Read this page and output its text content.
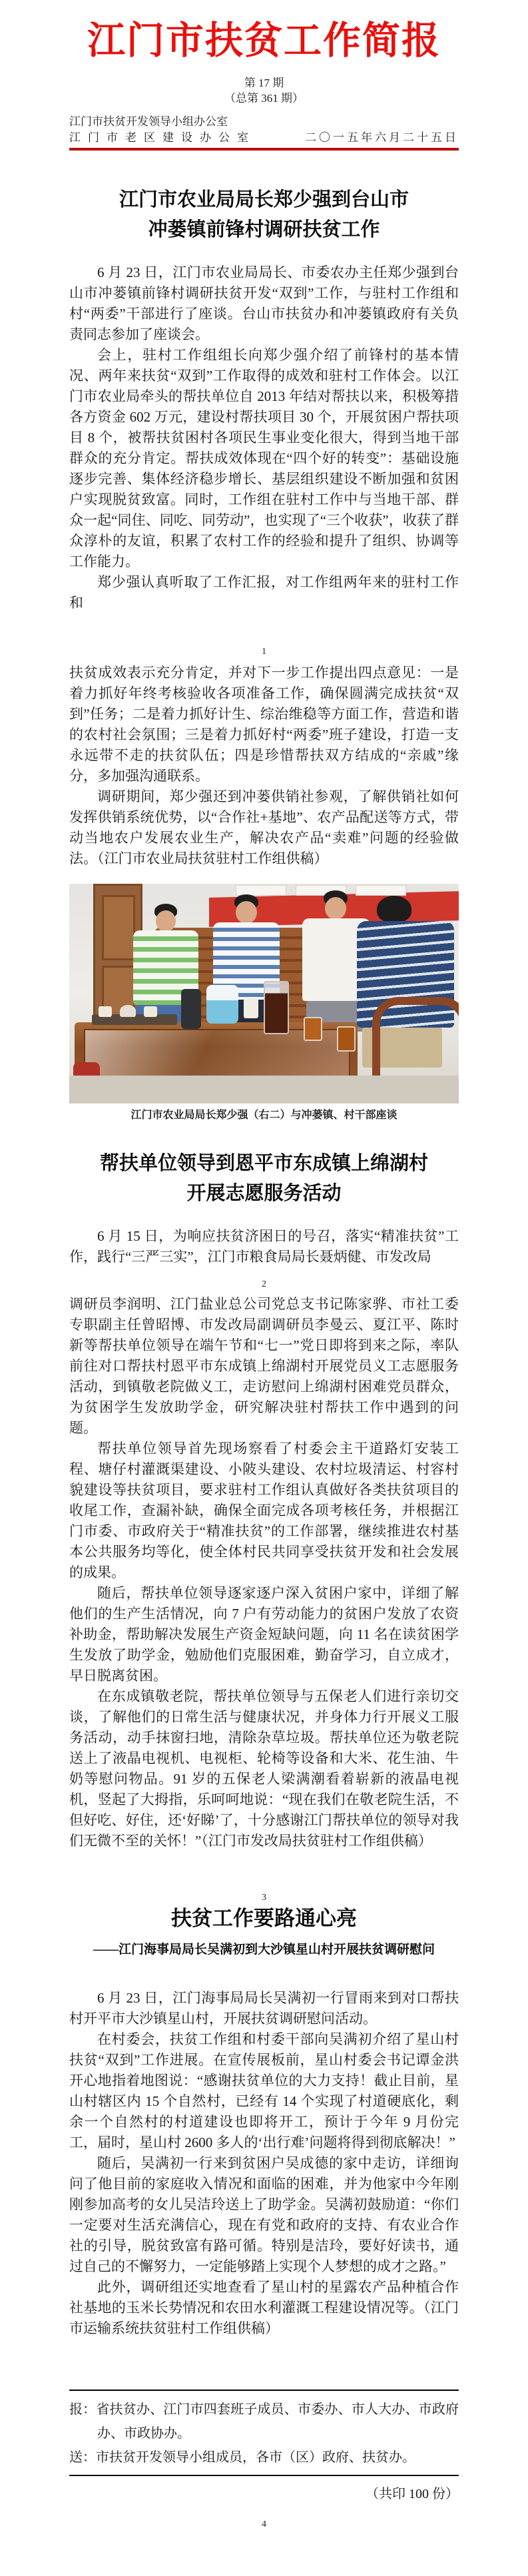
江门市扶贫工作简报
第 17 期
（总第 361 期）
江门市扶贫开发领导小组办公室
江门市老区建设办公室	二〇一五年六月二十五日
江门市农业局局长郑少强到台山市
冲蒌镇前锋村调研扶贫工作

6 月 23 日，江门市农业局局长、市委农办主任郑少强到台山市冲蒌镇前锋村调研扶贫开发“双到”工作，与驻村工作组和村“两委”干部进行了座谈。台山市扶贫办和冲蒌镇政府有关负责同志参加了座谈会。

会上，驻村工作组组长向郑少强介绍了前锋村的基本情况、两年来扶贫“双到”工作取得的成效和驻村工作体会。以江门市农业局牵头的帮扶单位自 2013 年结对帮扶以来，积极筹措各方资金 602 万元，建设村帮扶项目 30 个，开展贫困户帮扶项目 8 个，被帮扶贫困村各项民生事业变化很大，得到当地干部群众的充分肯定。帮扶成效体现在“四个好的转变”：基础设施逐步完善、集体经济稳步增长、基层组织建设不断加强和贫困户实现脱贫致富。同时，工作组在驻村工作中与当地干部、群众一起“同住、同吃、同劳动”，也实现了“三个收获”，收获了群众淳朴的友谊，积累了农村工作的经验和提升了组织、协调等工作能力。

郑少强认真听取了工作汇报，对工作组两年来的驻村工作和

1

扶贫成效表示充分肯定，并对下一步工作提出四点意见：一是着力抓好年终考核验收各项准备工作，确保圆满完成扶贫“双到”任务；二是着力抓好计生、综治维稳等方面工作，营造和谐的农村社会氛围；三是着力抓好村“两委”班子建设，打造一支永远带不走的扶贫队伍；四是珍惜帮扶双方结成的“亲戚”缘分，多加强沟通联系。

调研期间，郑少强还到冲蒌供销社参观，了解供销社如何发挥供销系统优势，以“合作社+基地”、农产品配送等方式，带动当地农户发展农业生产，解决农产品“卖难”问题的经验做法。（江门市农业局扶贫驻村工作组供稿）

江门市农业局局长郑少强（右二）与冲蒌镇、村干部座谈
帮扶单位领导到恩平市东成镇上绵湖村
开展志愿服务活动

6 月 15 日，为响应扶贫济困日的号召，落实“精准扶贫”工作，践行“三严三实”，江门市粮食局局长聂炳健、市发改局

2

调研员李润明、江门盐业总公司党总支书记陈家骅、市社工委专职副主任曾昭博、市发改局副调研员李曼云、夏江平、陈时新等帮扶单位领导在端午节和“七一”党日即将到来之际，率队前往对口帮扶村恩平市东成镇上绵湖村开展党员义工志愿服务活动，到镇敬老院做义工，走访慰问上绵湖村困难党员群众，为贫困学生发放助学金，研究解决驻村帮扶工作中遇到的问题。

帮扶单位领导首先现场察看了村委会主干道路灯安装工程、塘仔村灌溉渠建设、小陂头建设、农村垃圾清运、村容村貌建设等扶贫项目，要求驻村工作组认真做好各类扶贫项目的收尾工作，查漏补缺，确保全面完成各项考核任务，并根据江门市委、市政府关于“精准扶贫”的工作部署，继续推进农村基本公共服务均等化，使全体村民共同享受扶贫开发和社会发展的成果。

随后，帮扶单位领导逐家逐户深入贫困户家中，详细了解他们的生产生活情况，向 7 户有劳动能力的贫困户发放了农资补助金，帮助解决发展生产资金短缺问题，向 11 名在读贫困学生发放了助学金，勉励他们克服困难，勤奋学习，自立成才，早日脱离贫困。

在东成镇敬老院，帮扶单位领导与五保老人们进行亲切交谈，了解他们的日常生活与健康状况，并身体力行开展义工服务活动，动手抹窗扫地，清除杂草垃圾。帮扶单位还为敬老院送上了液晶电视机、电视柜、轮椅等设备和大米、花生油、牛奶等慰问物品。91 岁的五保老人梁满潮看着崭新的液晶电视机，竖起了大拇指，乐呵呵地说：“现在我们在敬老院生活，不但好吃、好住，还‘好睇’了，十分感谢江门帮扶单位的领导对我们无微不至的关怀！”（江门市发改局扶贫驻村工作组供稿）

3
扶贫工作要路通心亮
——江门海事局局长吴满初到大沙镇星山村开展扶贫调研慰问

6 月 23 日，江门海事局局长吴满初一行冒雨来到对口帮扶村开平市大沙镇星山村，开展扶贫调研慰问活动。

在村委会，扶贫工作组和村委干部向吴满初介绍了星山村扶贫“双到”工作进展。在宣传展板前，星山村委会书记谭金洪开心地指着地图说：“感谢扶贫单位的大力支持！截止目前，星山村辖区内 15 个自然村，已经有 14 个实现了村道硬底化，剩余一个自然村的村道建设也即将开工，预计于今年 9 月份完工，届时，星山村 2600 多人的‘出行难’问题将得到彻底解决！”

随后，吴满初一行来到贫困户吴成德的家中走访，详细询问了他目前的家庭收入情况和面临的困难，并为他家中今年刚刚参加高考的女儿吴洁玲送上了助学金。吴满初鼓励道：“你们一定要对生活充满信心，现在有党和政府的支持、有农业合作社的引导，脱贫致富有路可循。特别是洁玲，要好好读书，通过自己的不懈努力，一定能够踏上实现个人梦想的成才之路。”

此外，调研组还实地查看了星山村的星露农产品种植合作社基地的玉米长势情况和农田水利灌溉工程建设情况等。（江门市运输系统扶贫驻村工作组供稿）

报：省扶贫办、江门市四套班子成员、市委办、市人大办、市政府办、市政协办。
送：市扶贫开发领导小组成员，各市（区）政府、扶贫办。
（共印 100 份）
4
